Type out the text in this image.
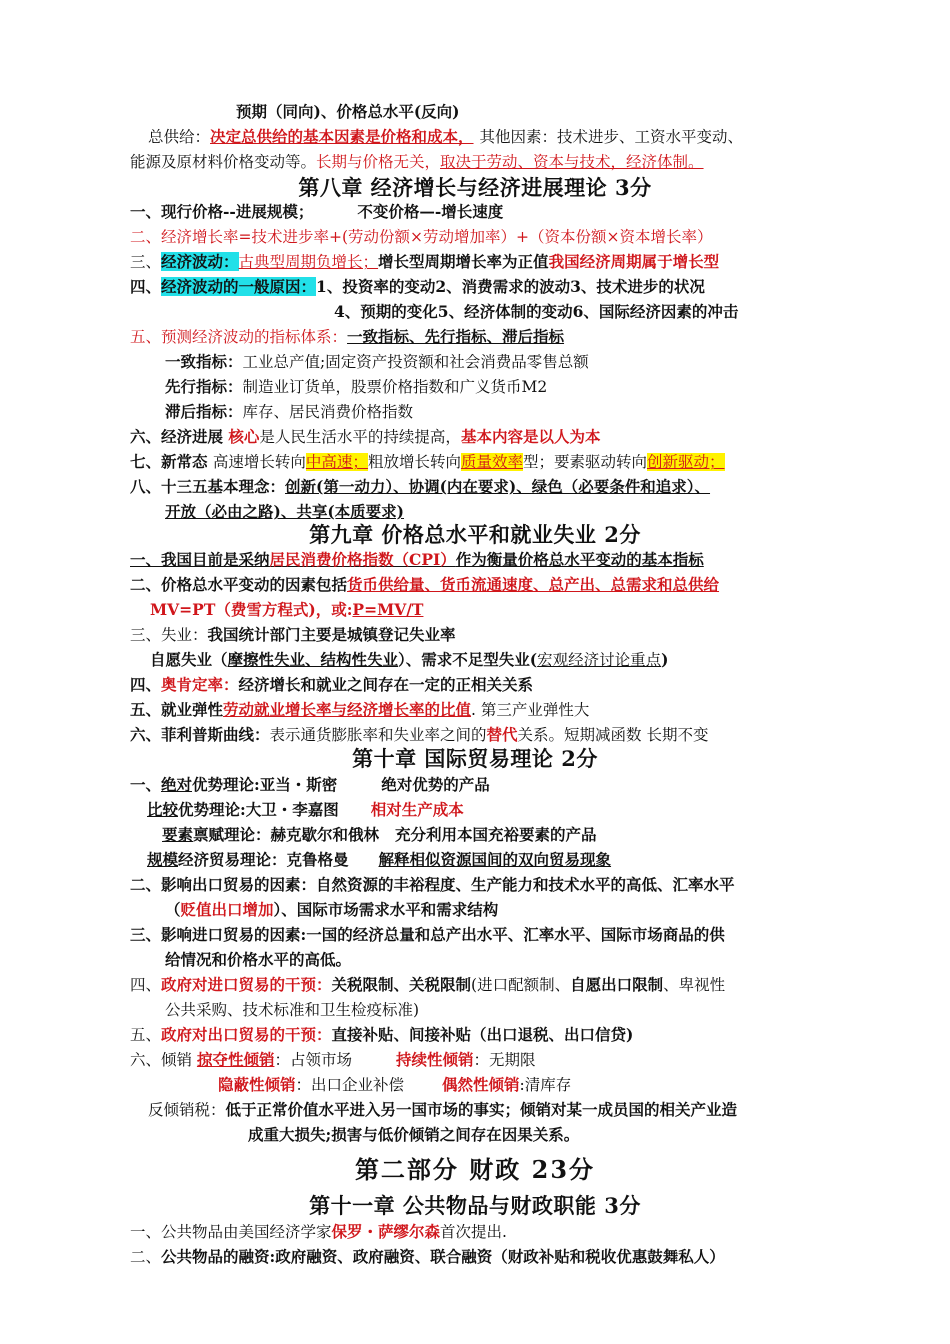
预期（同向)、价格总水平(反向)
总供给：决定总供给的基本因素是价格和成本， 其他因素：技术进步、工资水平变动、
能源及原材料价格变动等。长期与价格无关，取决于劳动、资本与技术，经济体制。
第八章 经济增长与经济进展理论 3分
一、现行价格--进展规模；	不变价格—-增长速度
二、经济增长率=技术进步率+(劳动份额×劳动增加率）+（资本份额×资本增长率）
三、经济波动：古典型周期负增长；增长型周期增长率为正值我国经济周期属于增长型
四、经济波动的一般原因：1、投资率的变动2、消费需求的波动3、技术进步的状况
4、预期的变化5、经济体制的变动6、国际经济因素的冲击
五、预测经济波动的指标体系：一致指标、先行指标、滞后指标
一致指标：工业总产值;固定资产投资额和社会消费品零售总额
先行指标：制造业订货单，股票价格指数和广义货币M2
滞后指标：库存、居民消费价格指数
六、经济进展 核心是人民生活水平的持续提高，基本内容是以人为本
七、新常态 高速增长转向中高速；粗放增长转向质量效率型；要素驱动转向创新驱动；
八、十三五基本理念：创新(第一动力）、协调(内在要求)、绿色（必要条件和追求）、
开放（必由之路)、共享(本质要求)
第九章 价格总水平和就业失业 2分
一、我国目前是采纳居民消费价格指数（CPI）作为衡量价格总水平变动的基本指标
二、价格总水平变动的因素包括货币供给量、货币流通速度、总产出、总需求和总供给
MV=PT（费雪方程式)，或:P=MV/T
三、失业：我国统计部门主要是城镇登记失业率
自愿失业（摩擦性失业、结构性失业）、需求不足型失业(宏观经济讨论重点)
四、奥肯定率：经济增长和就业之间存在一定的正相关关系
五、就业弹性劳动就业增长率与经济增长率的比值. 第三产业弹性大
六、菲利普斯曲线：表示通货膨胀率和失业率之间的替代关系。短期减函数 长期不变
第十章 国际贸易理论 2分
一、绝对优势理论:亚当・斯密	绝对优势的产品
比较优势理论:大卫・李嘉图 相对生产成本
要素禀赋理论：赫克歇尔和俄林 充分利用本国充裕要素的产品
规模经济贸易理论：克鲁格曼 解释相似资源国间的双向贸易现象
二、影响出口贸易的因素：自然资源的丰裕程度、生产能力和技术水平的高低、汇率水平
（贬值出口增加）、国际市场需求水平和需求结构
三、影响进口贸易的因素:一国的经济总量和总产出水平、汇率水平、国际市场商品的供
给情况和价格水平的高低。
四、政府对进口贸易的干预：关税限制、关税限制(进口配额制、自愿出口限制、卑视性
公共采购、技术标准和卫生检疫标准)
五、政府对出口贸易的干预：直接补贴、间接补贴（出口退税、出口信贷)
六、倾销 掠夺性倾销：占领市场	持续性倾销：无期限
隐蔽性倾销：出口企业补偿 偶然性倾销:清库存
反倾销税：低于正常价值水平进入另一国市场的事实；倾销对某一成员国的相关产业造
成重大损失;损害与低价倾销之间存在因果关系。
第二部分 财政 23分
第十一章 公共物品与财政职能 3分
一、公共物品由美国经济学家保罗・萨缪尔森首次提出.
二、公共物品的融资:政府融资、政府融资、联合融资（财政补贴和税收优惠鼓舞私人）
